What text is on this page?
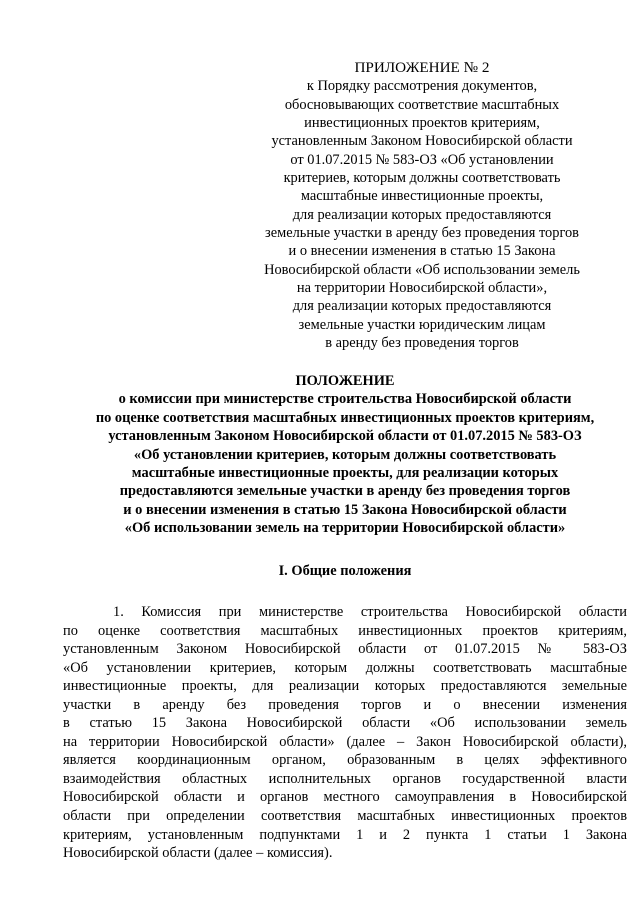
ПРИЛОЖЕНИЕ № 2
к Порядку рассмотрения документов,
обосновывающих соответствие масштабных
инвестиционных проектов критериям,
установленным Законом Новосибирской области
от 01.07.2015 № 583-ОЗ «Об установлении
критериев, которым должны соответствовать
масштабные инвестиционные проекты,
для реализации которых предоставляются
земельные участки в аренду без проведения торгов
и о внесении изменения в статью 15 Закона
Новосибирской области «Об использовании земель
на территории Новосибирской области»,
для реализации которых предоставляются
земельные участки юридическим лицам
в аренду без проведения торгов
ПОЛОЖЕНИЕ
о комиссии при министерстве строительства Новосибирской области
по оценке соответствия масштабных инвестиционных проектов критериям,
установленным Законом Новосибирской области от 01.07.2015 № 583-ОЗ
«Об установлении критериев, которым должны соответствовать
масштабные инвестиционные проекты, для реализации которых
предоставляются земельные участки в аренду без проведения торгов
и о внесении изменения в статью 15 Закона Новосибирской области
«Об использовании земель на территории Новосибирской области»
I. Общие положения
1. Комиссия при министерстве строительства Новосибирской области
по оценке соответствия масштабных инвестиционных проектов критериям,
установленным Законом Новосибирской области от 01.07.2015 № 583-ОЗ
«Об установлении критериев, которым должны соответствовать масштабные
инвестиционные проекты, для реализации которых предоставляются земельные
участки в аренду без проведения торгов и о внесении изменения
в статью 15 Закона Новосибирской области «Об использовании земель
на территории Новосибирской области» (далее – Закон Новосибирской области),
является координационным органом, образованным в целях эффективного
взаимодействия областных исполнительных органов государственной власти
Новосибирской области и органов местного самоуправления в Новосибирской
области при определении соответствия масштабных инвестиционных проектов
критериям, установленным подпунктами 1 и 2 пункта 1 статьи 1 Закона
Новосибирской области (далее – комиссия).
